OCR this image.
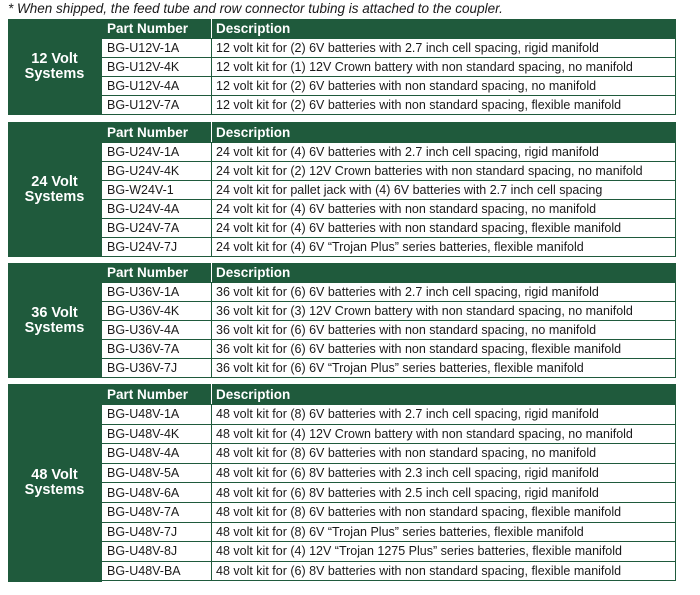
* When shipped, the feed tube and row connector tubing is attached to the coupler.
12 Volt
Systems
Part Number	Description
BG-U12V-1A	12 volt kit for (2) 6V batteries with 2.7 inch cell spacing, rigid manifold
BG-U12V-4K	12 volt kit for (1) 12V Crown battery with non standard spacing, no manifold
BG-U12V-4A	12 volt kit for (2) 6V batteries with non standard spacing, no manifold
BG-U12V-7A	12 volt kit for (2) 6V batteries with non standard spacing, flexible manifold
24 Volt
Systems
Part Number	Description
BG-U24V-1A	24 volt kit for (4) 6V batteries with 2.7 inch cell spacing, rigid manifold
BG-U24V-4K	24 volt kit for (2) 12V Crown batteries with non standard spacing, no manifold
BG-W24V-1	24 volt kit for pallet jack with (4) 6V batteries with 2.7 inch cell spacing
BG-U24V-4A	24 volt kit for (4) 6V batteries with non standard spacing, no manifold
BG-U24V-7A	24 volt kit for (4) 6V batteries with non standard spacing, flexible manifold
BG-U24V-7J	24 volt kit for (4) 6V “Trojan Plus” series batteries, flexible manifold
36 Volt
Systems
Part Number	Description
BG-U36V-1A	36 volt kit for (6) 6V batteries with 2.7 inch cell spacing, rigid manifold
BG-U36V-4K	36 volt kit for (3) 12V Crown battery with non standard spacing, no manifold
BG-U36V-4A	36 volt kit for (6) 6V batteries with non standard spacing, no manifold
BG-U36V-7A	36 volt kit for (6) 6V batteries with non standard spacing, flexible manifold
BG-U36V-7J	36 volt kit for (6) 6V “Trojan Plus” series batteries, flexible manifold
48 Volt
Systems
Part Number	Description
BG-U48V-1A	48 volt kit for (8) 6V batteries with 2.7 inch cell spacing, rigid manifold
BG-U48V-4K	48 volt kit for (4) 12V Crown battery with non standard spacing, no manifold
BG-U48V-4A	48 volt kit for (8) 6V batteries with non standard spacing, no manifold
BG-U48V-5A	48 volt kit for (6) 8V batteries with 2.3 inch cell spacing, rigid manifold
BG-U48V-6A	48 volt kit for (6) 8V batteries with 2.5 inch cell spacing, rigid manifold
BG-U48V-7A	48 volt kit for (8) 6V batteries with non standard spacing, flexible manifold
BG-U48V-7J	48 volt kit for (8) 6V “Trojan Plus” series batteries, flexible manifold
BG-U48V-8J	48 volt kit for (4) 12V “Trojan 1275 Plus” series batteries, flexible manifold
BG-U48V-BA	48 volt kit for (6) 8V batteries with non standard spacing, flexible manifold
